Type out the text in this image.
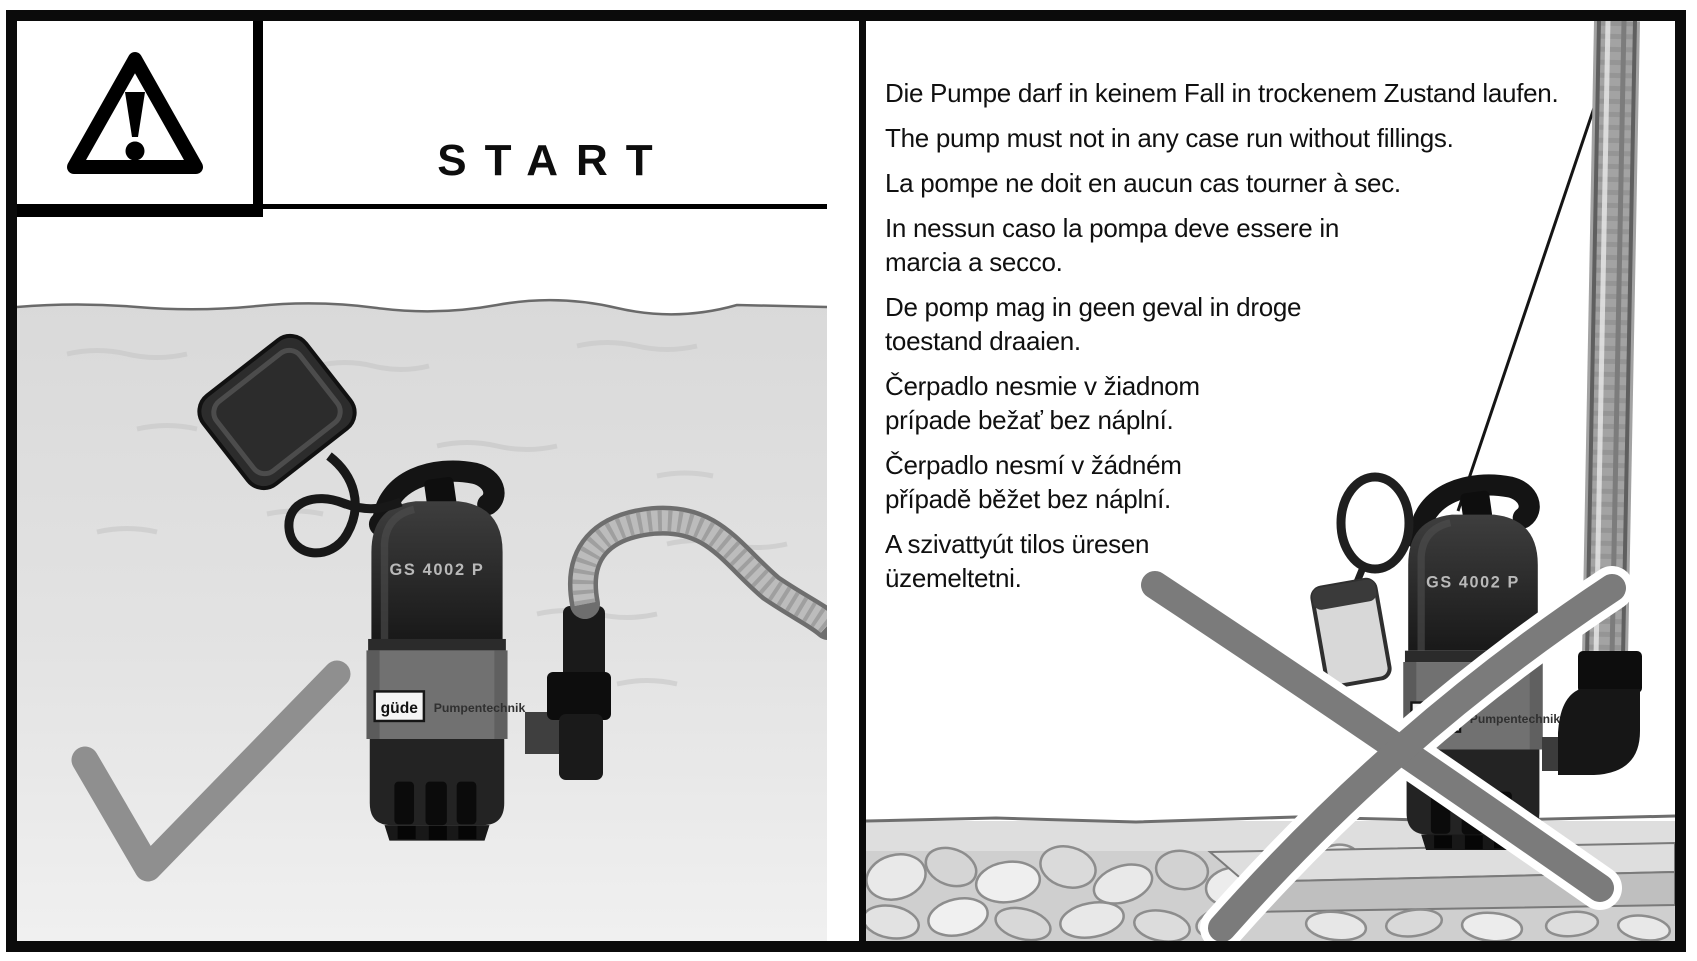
START

Die Pumpe darf in keinem Fall in trockenem Zustand laufen.

The pump must not in any case run without fillings.

La pompe ne doit en aucun cas tourner à sec.

In nessun caso la pompa deve essere in
marcia a secco.

De pomp mag in geen geval in droge
toestand draaien.

Čerpadlo nesmie v žiadnom
prípade bežať bez náplní.

Čerpadlo nesmí v žádném
případě běžet bez náplní.

A szivattyút tilos üresen
üzemeltetni.
